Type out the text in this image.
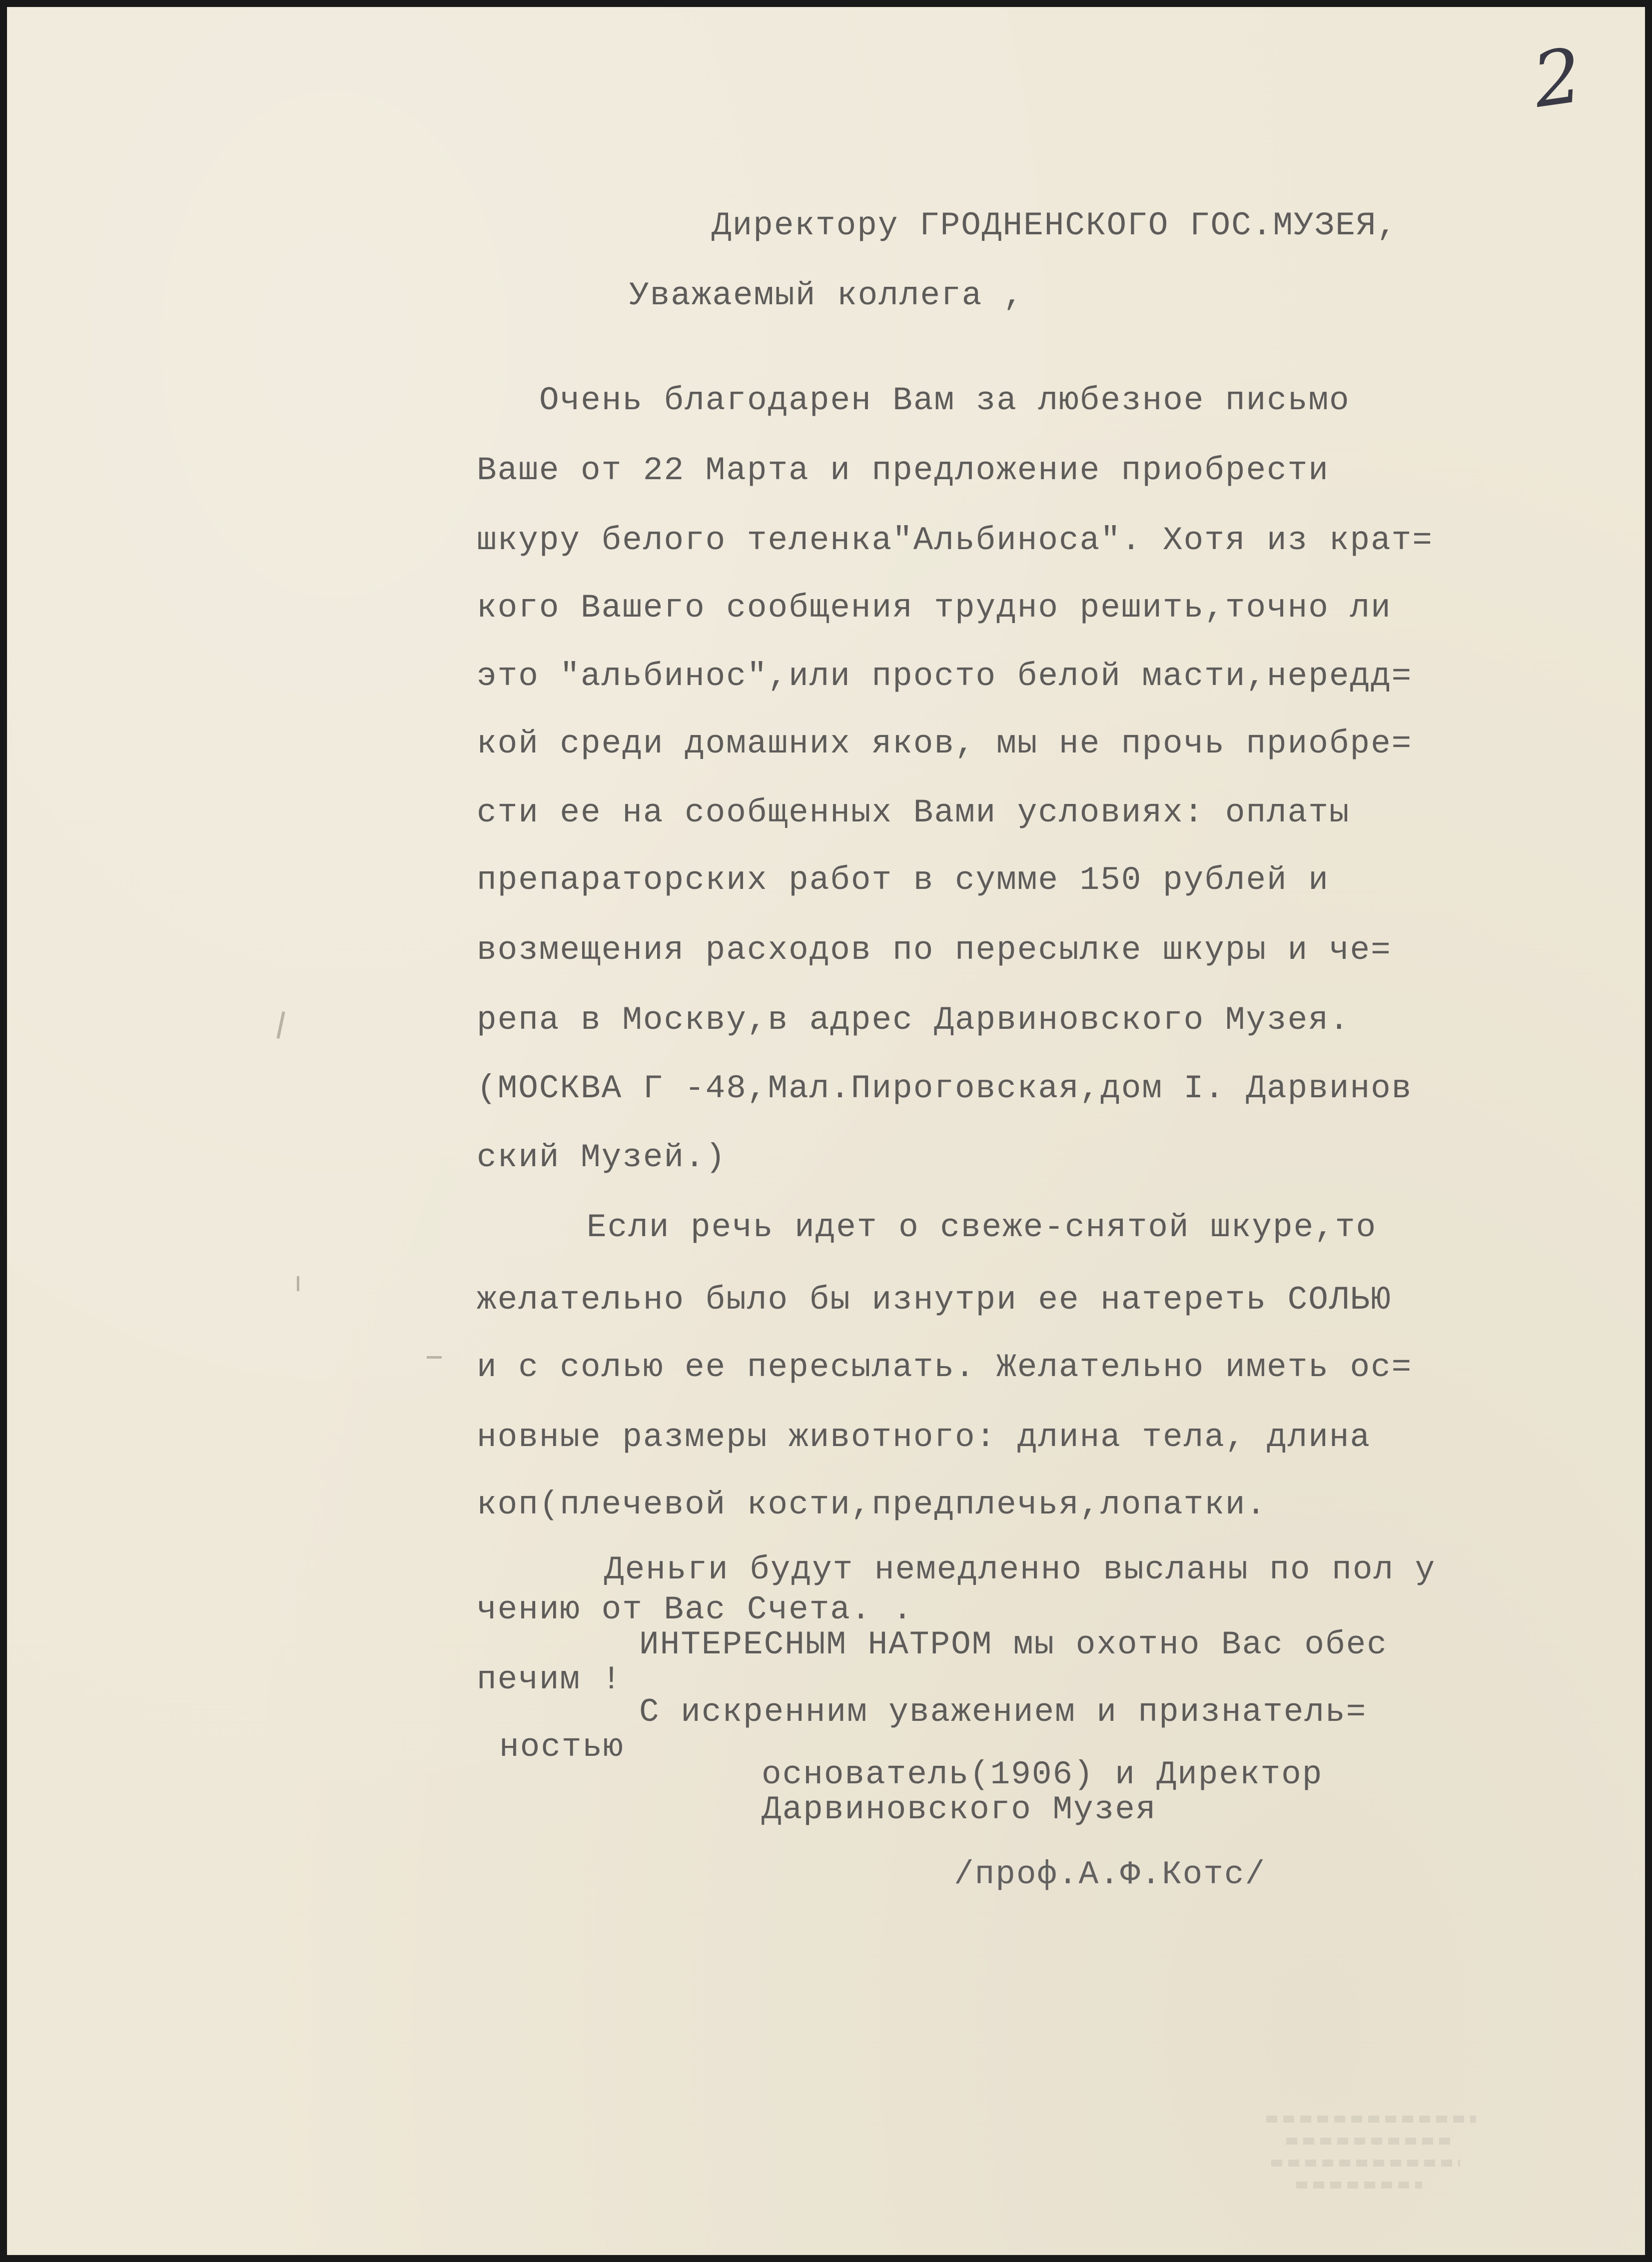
2

Директору ГРОДНЕНСКОГО ГОС.МУЗЕЯ,

Уважаемый коллега ,

Очень благодарен Вам за любезное письмо

Ваше от 22 Марта и предложение приобрести

шкуру белого теленка"Альбиноса". Хотя из крат=

кого Вашего сообщения трудно решить,точно ли

это "альбинос",или просто белой масти,нередд=

кой среди домашних яков, мы не прочь приобре=

сти ее на сообщенных Вами условиях: оплаты

препараторских работ в сумме 150 рублей и

возмещения расходов по пересылке шкуры и че=

репа в Москву,в адрес Дарвиновского Музея.

(МОСКВА Г -48,Мал.Пироговская,дом I. Дарвинов

ский Музей.)

Если речь идет о свеже-снятой шкуре,то

желательно было бы изнутри ее натереть СОЛЬЮ

и с солью ее пересылать. Желательно иметь ос=

новные размеры животного: длина тела, длина

коп(плечевой кости,предплечья,лопатки.

Деньги будут немедленно высланы по пол у

чению от Вас Счета. .

ИНТЕРЕСНЫМ НАТРОМ мы охотно Вас обес

печим !

С искренним уважением и признатель=

ностью

основатель(1906) и Директор

Дарвиновского Музея

/проф.А.Ф.Котс/
